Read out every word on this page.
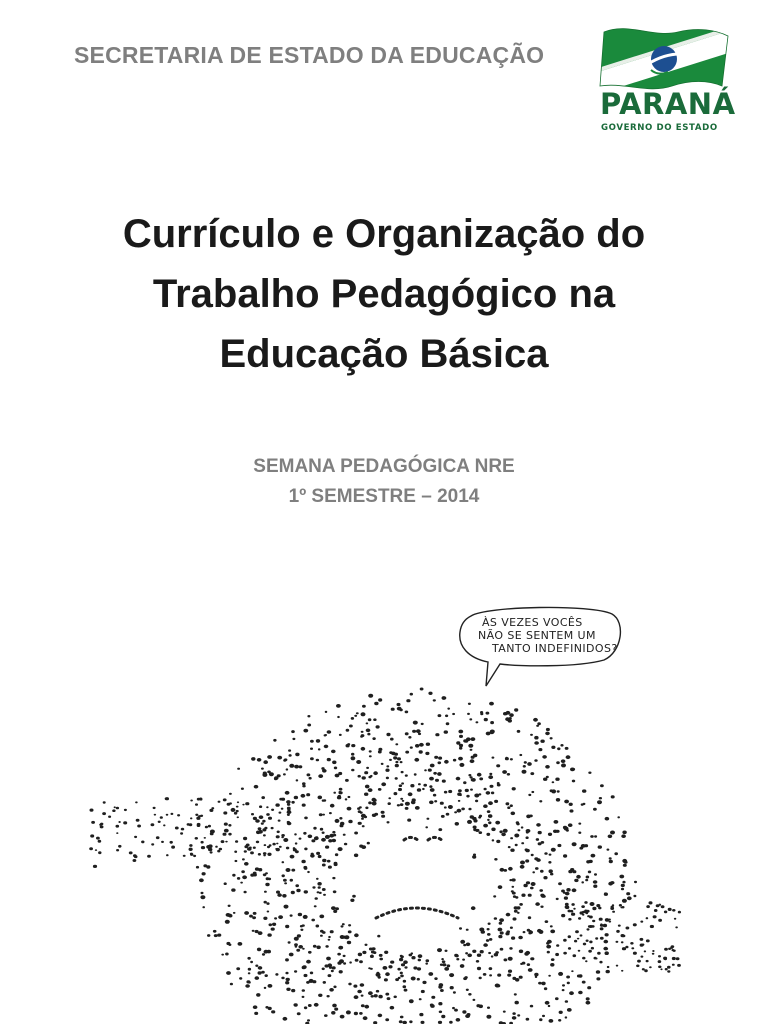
SECRETARIA DE ESTADO DA EDUCAÇÃO
PARANÁ
GOVERNO DO ESTADO
Currículo e Organização do
Trabalho Pedagógico na
Educação Básica
SEMANA PEDAGÓGICA NRE
1º SEMESTRE – 2014
ÀS VEZES VOCÊS
NÃO SE SENTEM UM
TANTO INDEFINIDOS?
